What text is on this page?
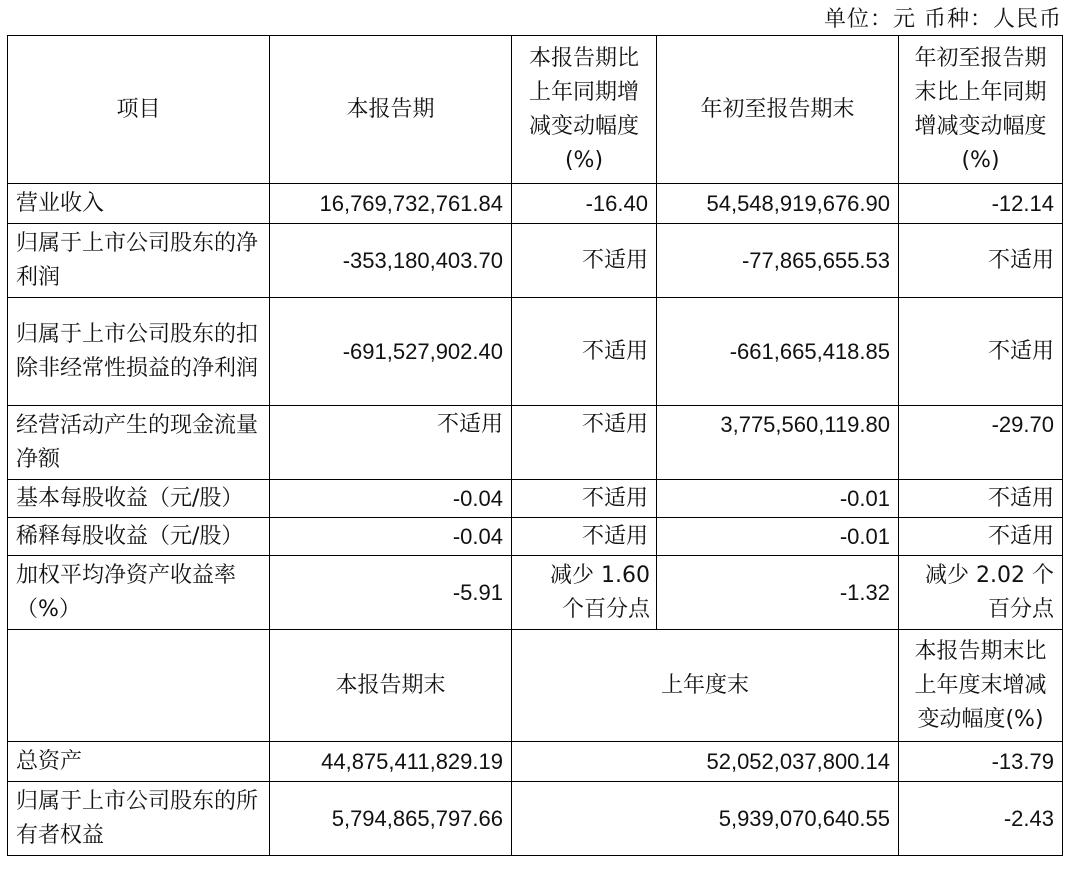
单位：元 币种：人民币
项目	本报告期	本报告期比上年同期增减变动幅度(%)	年初至报告期末	年初至报告期末比上年同期增减变动幅度(%)
营业收入	16,769,732,761.84	-16.40	54,548,919,676.90	-12.14
归属于上市公司股东的净利润	-353,180,403.70	不适用	-77,865,655.53	不适用
归属于上市公司股东的扣除非经常性损益的净利润	-691,527,902.40	不适用	-661,665,418.85	不适用
经营活动产生的现金流量净额	不适用	不适用	3,775,560,119.80	-29.70
基本每股收益（元/股）	-0.04	不适用	-0.01	不适用
稀释每股收益（元/股）	-0.04	不适用	-0.01	不适用
加权平均净资产收益率（%）	-5.91	减少 1.60 个百分点	-1.32	减少 2.02 个百分点
	本报告期末	上年度末		本报告期末比上年度末增减变动幅度(%)
总资产	44,875,411,829.19	52,052,037,800.14		-13.79
归属于上市公司股东的所有者权益	5,794,865,797.66	5,939,070,640.55		-2.43
